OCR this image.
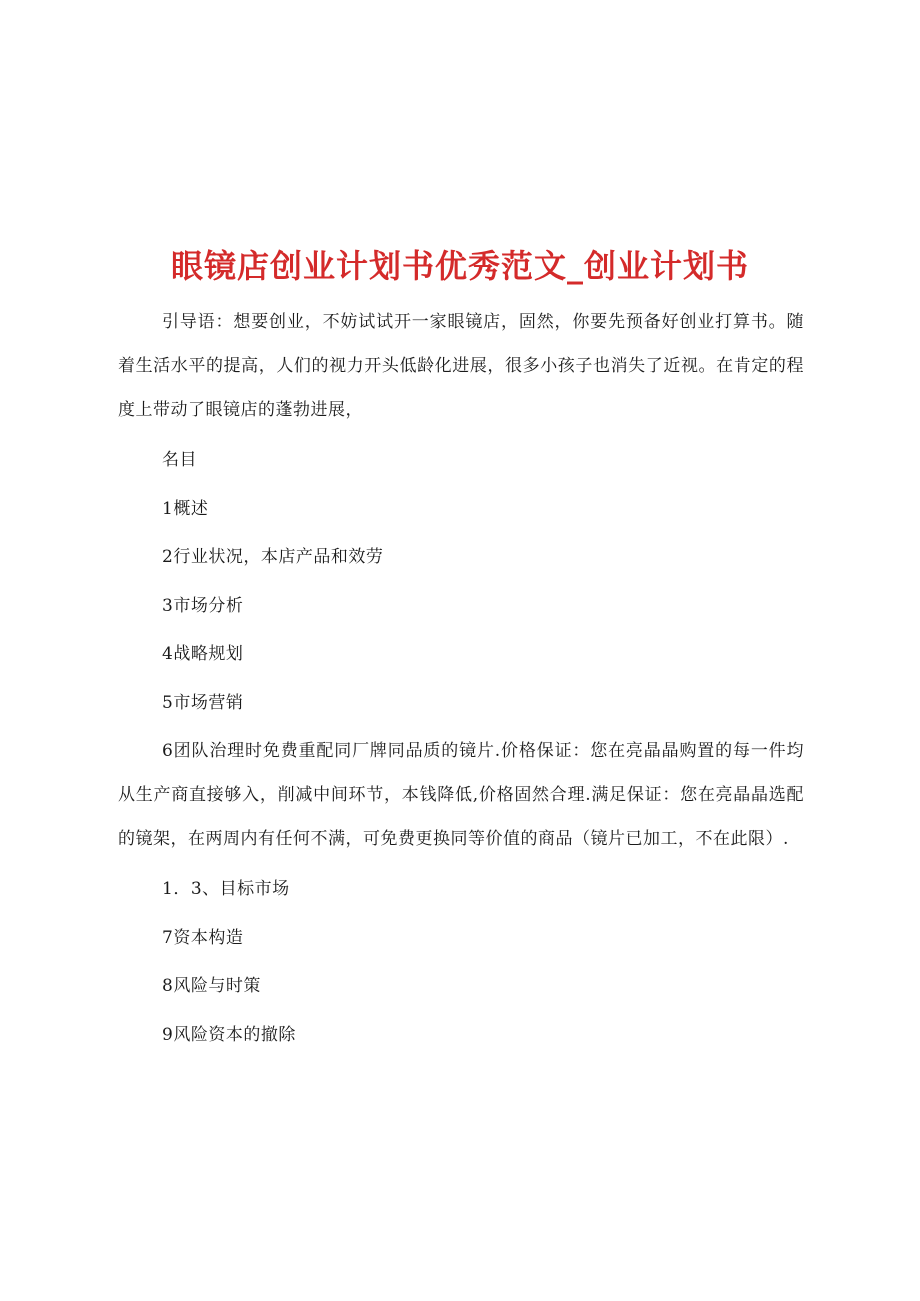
眼镜店创业计划书优秀范文_创业计划书

引导语：想要创业，不妨试试开一家眼镜店，固然，你要先预备好创业打算书。随着生活水平的提高，人们的视力开头低龄化进展，很多小孩子也消失了近视。在肯定的程度上带动了眼镜店的蓬勃进展，

名目

1概述

2行业状况，本店产品和效劳

3市场分析

4战略规划

5市场营销

6团队治理时免费重配同厂牌同品质的镜片.价格保证：您在亮晶晶购置的每一件均从生产商直接够入，削减中间环节，本钱降低,价格固然合理.满足保证：您在亮晶晶选配的镜架，在两周内有任何不满，可免费更换同等价值的商品（镜片已加工，不在此限）.

1．3、目标市场

7资本构造

8风险与时策

9风险资本的撤除
